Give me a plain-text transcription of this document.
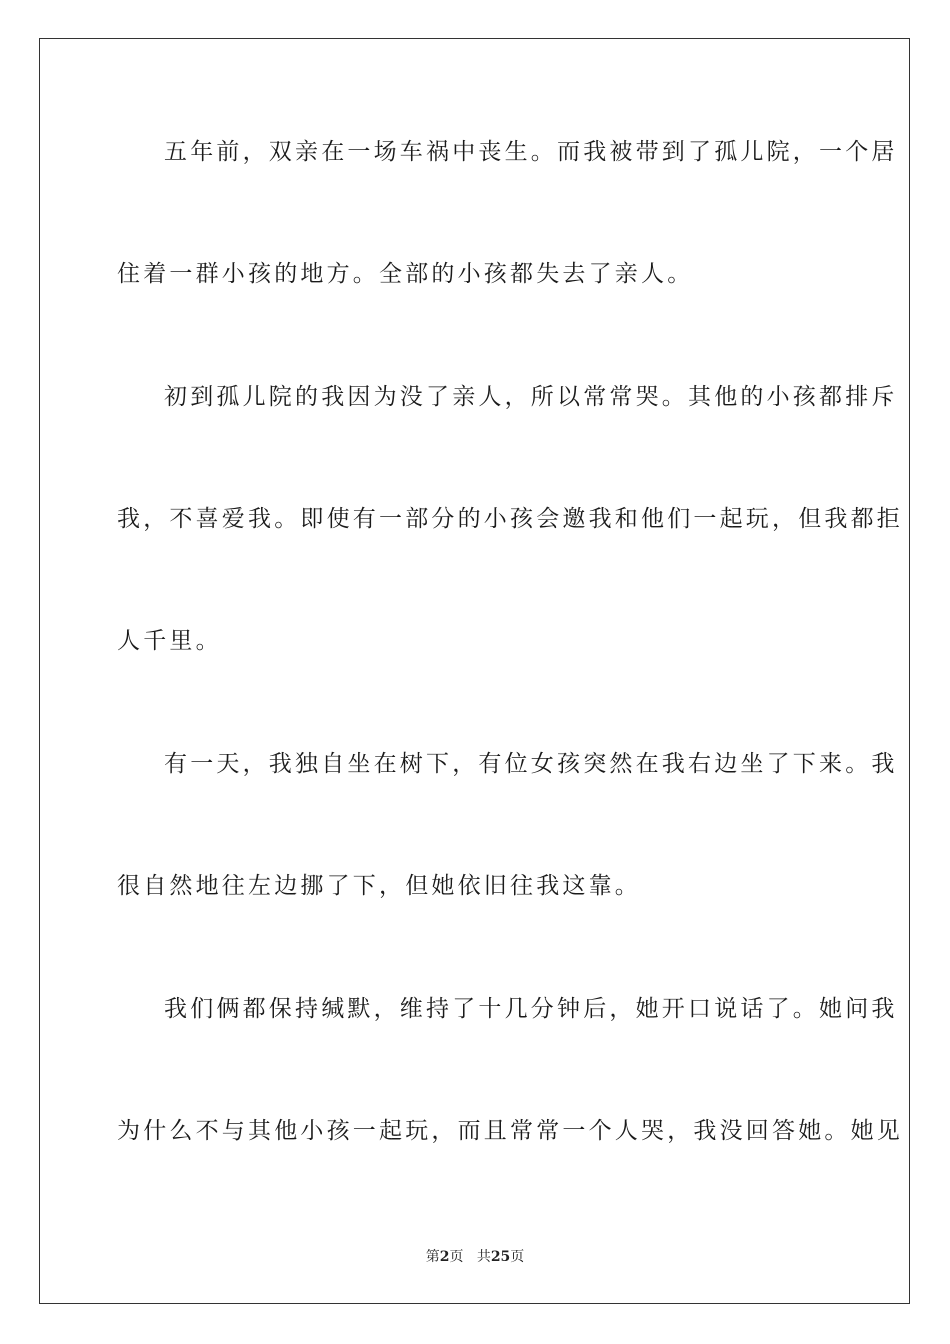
五年前，双亲在一场车祸中丧生。而我被带到了孤儿院，一个居

住着一群小孩的地方。全部的小孩都失去了亲人。

初到孤儿院的我因为没了亲人，所以常常哭。其他的小孩都排斥

我，不喜爱我。即使有一部分的小孩会邀我和他们一起玩，但我都拒

人千里。

有一天，我独自坐在树下，有位女孩突然在我右边坐了下来。我

很自然地往左边挪了下，但她依旧往我这靠。

我们俩都保持缄默，维持了十几分钟后，她开口说话了。她问我

为什么不与其他小孩一起玩，而且常常一个人哭，我没回答她。她见

第2页 共25页
